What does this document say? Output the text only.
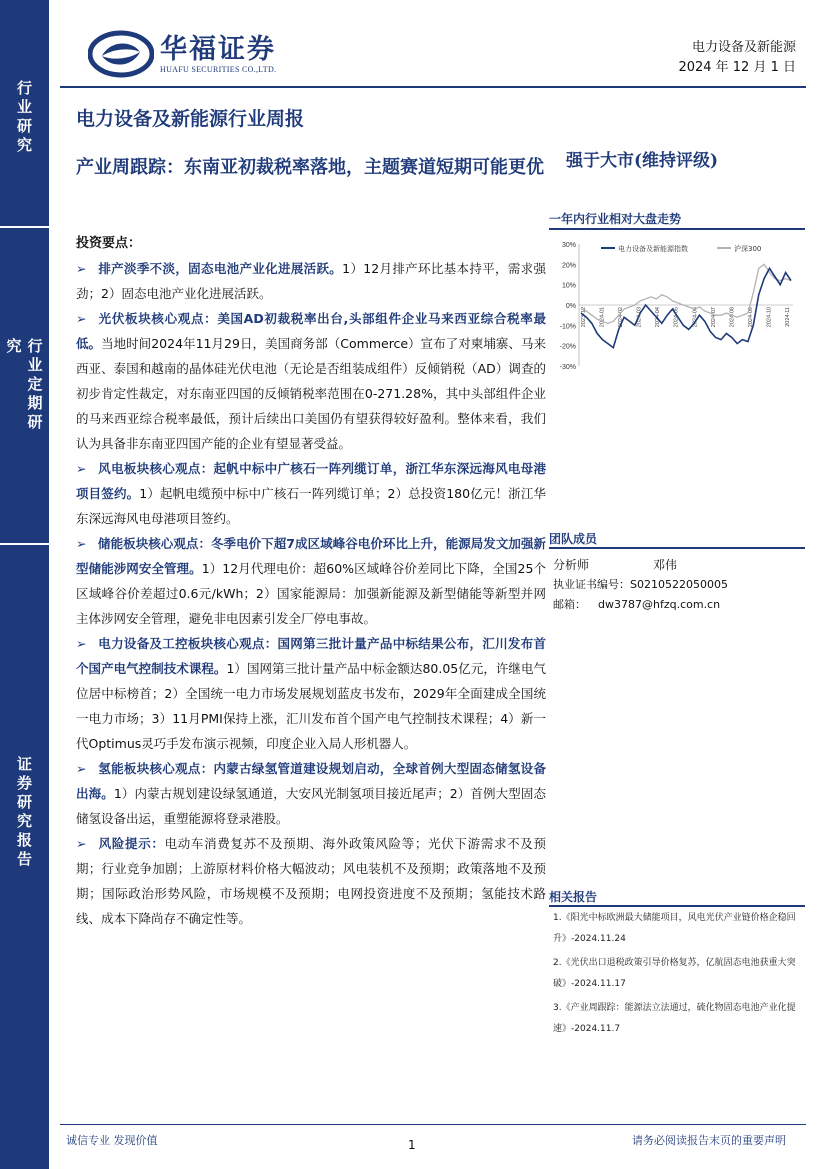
行业研究
行业定期研究
证券研究报告
华福证券
HUAFU SECURITIES CO.,LTD.
电力设备及新能源
2024 年 12 月 1 日
电力设备及新能源行业周报
产业周跟踪：东南亚初裁税率落地，主题赛道短期可能更优	强于大市(维持评级)
投资要点：
➢ 排产淡季不淡，固态电池产业化进展活跃。1）12月排产环比基本持平，需求强劲；2）固态电池产业化进展活跃。
➢ 光伏板块核心观点：美国AD初裁税率出台,头部组件企业马来西亚综合税率最低。当地时间2024年11月29日，美国商务部（Commerce）宣布了对柬埔寨、马来西亚、泰国和越南的晶体硅光伏电池（无论是否组装成组件）反倾销税（AD）调查的初步肯定性裁定，对东南亚四国的反倾销税率范围在0-271.28%，其中头部组件企业的马来西亚综合税率最低，预计后续出口美国仍有望获得较好盈利。整体来看，我们认为具备非东南亚四国产能的企业有望显著受益。
➢ 风电板块核心观点：起帆中标中广核石一阵列缆订单，浙江华东深远海风电母港项目签约。1）起帆电缆预中标中广核石一阵列缆订单；2）总投资180亿元！浙江华东深远海风电母港项目签约。
➢ 储能板块核心观点：冬季电价下超7成区域峰谷电价环比上升，能源局发文加强新型储能涉网安全管理。1）12月代理电价：超60%区域峰谷价差同比下降，全国25个区域峰谷价差超过0.6元/kWh；2）国家能源局：加强新能源及新型储能等新型并网主体涉网安全管理，避免非电因素引发全厂停电事故。
➢ 电力设备及工控板块核心观点：国网第三批计量产品中标结果公布，汇川发布首个国产电气控制技术课程。1）国网第三批计量产品中标金额达80.05亿元，许继电气位居中标榜首；2）全国统一电力市场发展规划蓝皮书发布，2029年全面建成全国统一电力市场；3）11月PMI保持上涨，汇川发布首个国产电气控制技术课程；4）新一代Optimus灵巧手发布演示视频，印度企业入局人形机器人。
➢ 氢能板块核心观点：内蒙古绿氢管道建设规划启动，全球首例大型固态储氢设备出海。1）内蒙古规划建设绿氢通道，大安风光制氢项目接近尾声；2）首例大型固态储氢设备出运，重塑能源将登录港股。
➢ 风险提示：电动车消费复苏不及预期、海外政策风险等；光伏下游需求不及预期；行业竞争加剧；上游原材料价格大幅波动；风电装机不及预期；政策落地不及预期；国际政治形势风险，市场规模不及预期；电网投资进度不及预期；氢能技术路线、成本下降尚存不确定性等。
一年内行业相对大盘走势
30%
20%
10%
0%
-10%
-20%
-30%
2023-12 2024-01 2024-02 2024-03 2024-04 2024-05 2024-06 2024-07 2024-08 2024-09 2024-10 2024-11
电力设备及新能源指数	沪深300
团队成员
分析师	邓伟
执业证书编号： S0210522050005
邮箱： dw3787@hfzq.com.cn
相关报告
1.《阳光中标欧洲最大储能项目，风电光伏产业链价格企稳回升》-2024.11.24
2.《光伏出口退税政策引导价格复苏，亿航固态电池获重大突破》-2024.11.17
3.《产业周跟踪：能源法立法通过，硫化物固态电池产业化提速》-2024.11.7
诚信专业 发现价值	1	请务必阅读报告末页的重要声明
